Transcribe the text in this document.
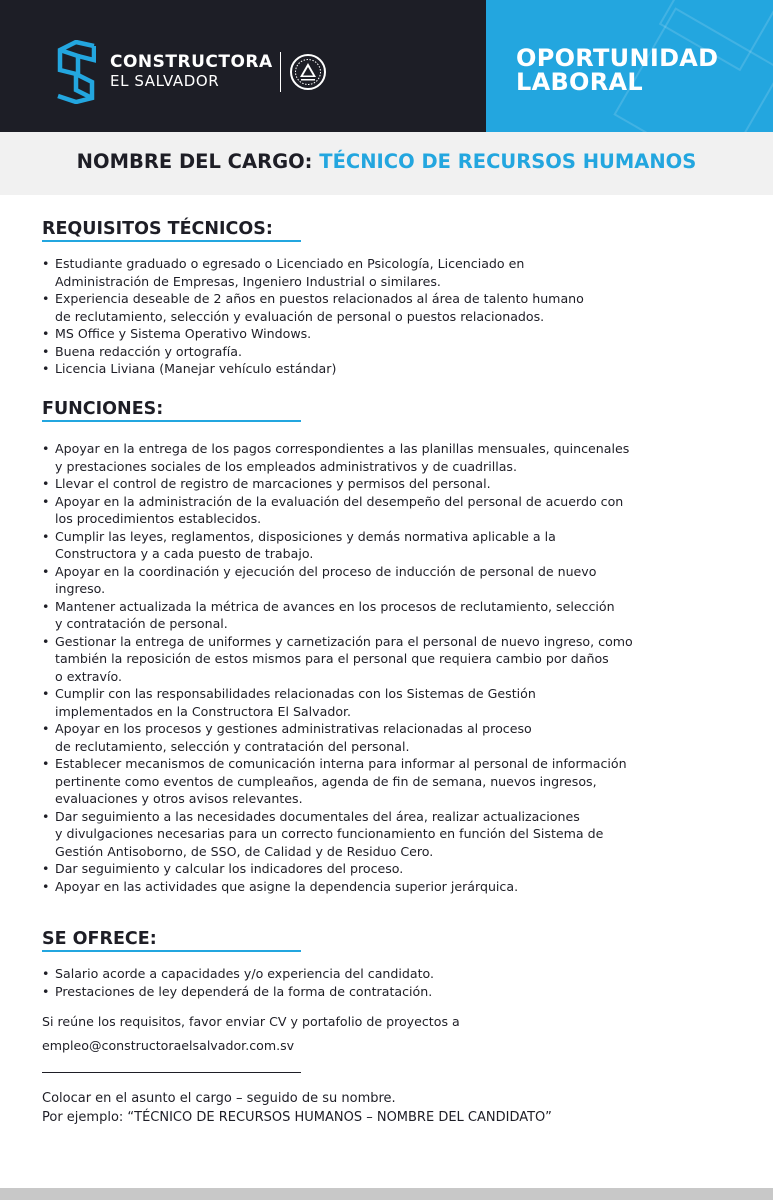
CONSTRUCTORA
EL SALVADOR
OPORTUNIDAD
LABORAL
NOMBRE DEL CARGO: TÉCNICO DE RECURSOS HUMANOS
REQUISITOS TÉCNICOS:
• Estudiante graduado o egresado o Licenciado en Psicología, Licenciado en
Administración de Empresas, Ingeniero Industrial o similares.
• Experiencia deseable de 2 años en puestos relacionados al área de talento humano
de reclutamiento, selección y evaluación de personal o puestos relacionados.
• MS Office y Sistema Operativo Windows.
• Buena redacción y ortografía.
• Licencia Liviana (Manejar vehículo estándar)
FUNCIONES:
• Apoyar en la entrega de los pagos correspondientes a las planillas mensuales, quincenales
y prestaciones sociales de los empleados administrativos y de cuadrillas.
• Llevar el control de registro de marcaciones y permisos del personal.
• Apoyar en la administración de la evaluación del desempeño del personal de acuerdo con
los procedimientos establecidos.
• Cumplir las leyes, reglamentos, disposiciones y demás normativa aplicable a la
Constructora y a cada puesto de trabajo.
• Apoyar en la coordinación y ejecución del proceso de inducción de personal de nuevo
ingreso.
• Mantener actualizada la métrica de avances en los procesos de reclutamiento, selección
y contratación de personal.
• Gestionar la entrega de uniformes y carnetización para el personal de nuevo ingreso, como
también la reposición de estos mismos para el personal que requiera cambio por daños
o extravío.
• Cumplir con las responsabilidades relacionadas con los Sistemas de Gestión
implementados en la Constructora El Salvador.
• Apoyar en los procesos y gestiones administrativas relacionadas al proceso
de reclutamiento, selección y contratación del personal.
• Establecer mecanismos de comunicación interna para informar al personal de información
pertinente como eventos de cumpleaños, agenda de fin de semana, nuevos ingresos,
evaluaciones y otros avisos relevantes.
• Dar seguimiento a las necesidades documentales del área, realizar actualizaciones
y divulgaciones necesarias para un correcto funcionamiento en función del Sistema de
Gestión Antisoborno, de SSO, de Calidad y de Residuo Cero.
• Dar seguimiento y calcular los indicadores del proceso.
• Apoyar en las actividades que asigne la dependencia superior jerárquica.
SE OFRECE:
• Salario acorde a capacidades y/o experiencia del candidato.
• Prestaciones de ley dependerá de la forma de contratación.
Si reúne los requisitos, favor enviar CV y portafolio de proyectos a
empleo@constructoraelsalvador.com.sv
Colocar en el asunto el cargo – seguido de su nombre.
Por ejemplo: “TÉCNICO DE RECURSOS HUMANOS – NOMBRE DEL CANDIDATO”
